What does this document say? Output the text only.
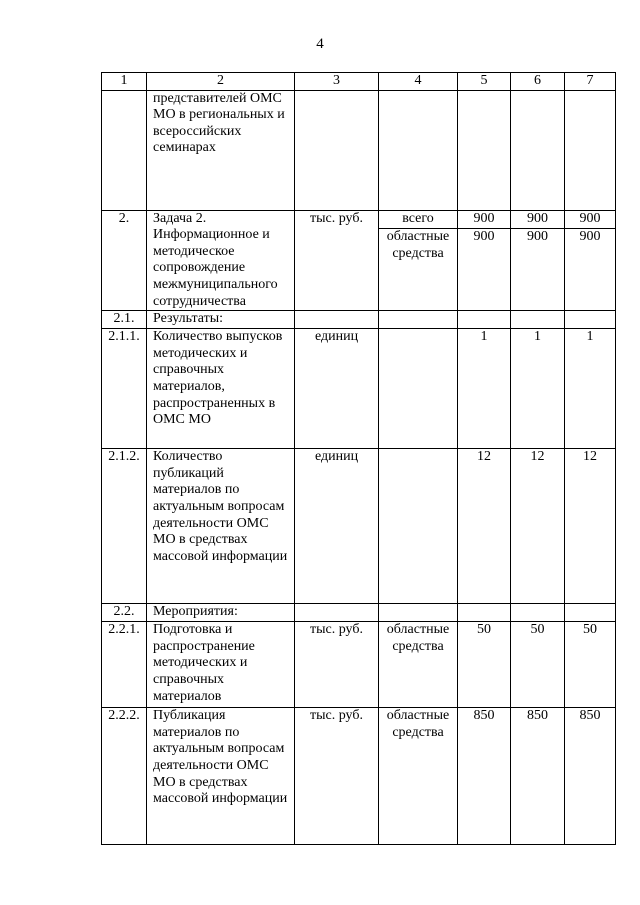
4
1	2	3	4	5	6	7
	представителей ОМС МО в региональных и всероссийских семинарах					
2.	Задача 2. Информационное и методическое сопровождение межмуниципального сотрудничества	тыс. руб.	всего	900	900	900
			областные средства	900	900	900
2.1.	Результаты:					
2.1.1.	Количество выпусков методических и справочных материалов, распространенных в ОМС МО	единиц		1	1	1
2.1.2.	Количество публикаций материалов по актуальным вопросам деятельности ОМС МО в средствах массовой информации	единиц		12	12	12
2.2.	Мероприятия:					
2.2.1.	Подготовка и распространение методических и справочных материалов	тыс. руб.	областные средства	50	50	50
2.2.2.	Публикация материалов по актуальным вопросам деятельности ОМС МО в средствах массовой информации	тыс. руб.	областные средства	850	850	850
